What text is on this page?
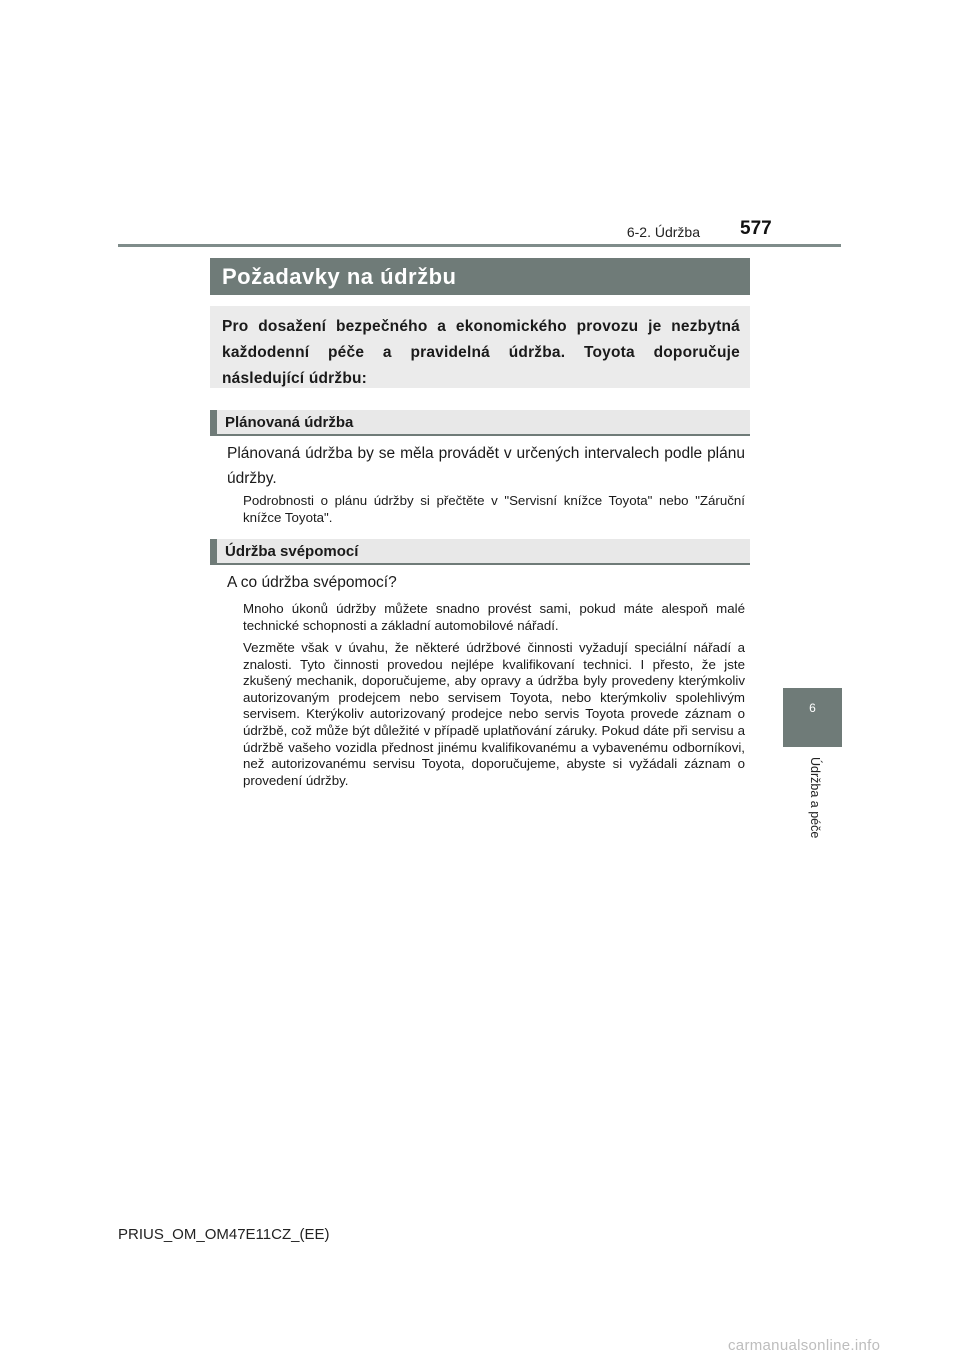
6-2. Údržba 577
Požadavky na údržbu

Pro dosažení bezpečného a ekonomického provozu je nezbytná každodenní péče a pravidelná údržba. Toyota doporučuje následující údržbu:

Plánovaná údržba

Plánovaná údržba by se měla provádět v určených intervalech podle plánu údržby.

Podrobnosti o plánu údržby si přečtěte v "Servisní knížce Toyota" nebo "Záruční knížce Toyota".

Údržba svépomocí

A co údržba svépomocí?

Mnoho úkonů údržby můžete snadno provést sami, pokud máte alespoň malé technické schopnosti a základní automobilové nářadí.

Vezměte však v úvahu, že některé údržbové činnosti vyžadují speciální nářadí a znalosti. Tyto činnosti provedou nejlépe kvalifikovaní technici. I přesto, že jste zkušený mechanik, doporučujeme, aby opravy a údržba byly provedeny kterýmkoliv autorizovaným prodejcem nebo servisem Toyota, nebo kterýmkoliv spolehlivým servisem. Kterýkoliv autorizovaný prodejce nebo servis Toyota provede záznam o údržbě, což může být důležité v případě uplatňování záruky. Pokud dáte při servisu a údržbě vašeho vozidla přednost jinému kvalifikovanému a vybavenému odborníkovi, než autorizovanému servisu Toyota, doporučujeme, abyste si vyžádali záznam o provedení údržby.

6
Údržba a péče
PRIUS_OM_OM47E11CZ_(EE)
carmanualsonline.info
